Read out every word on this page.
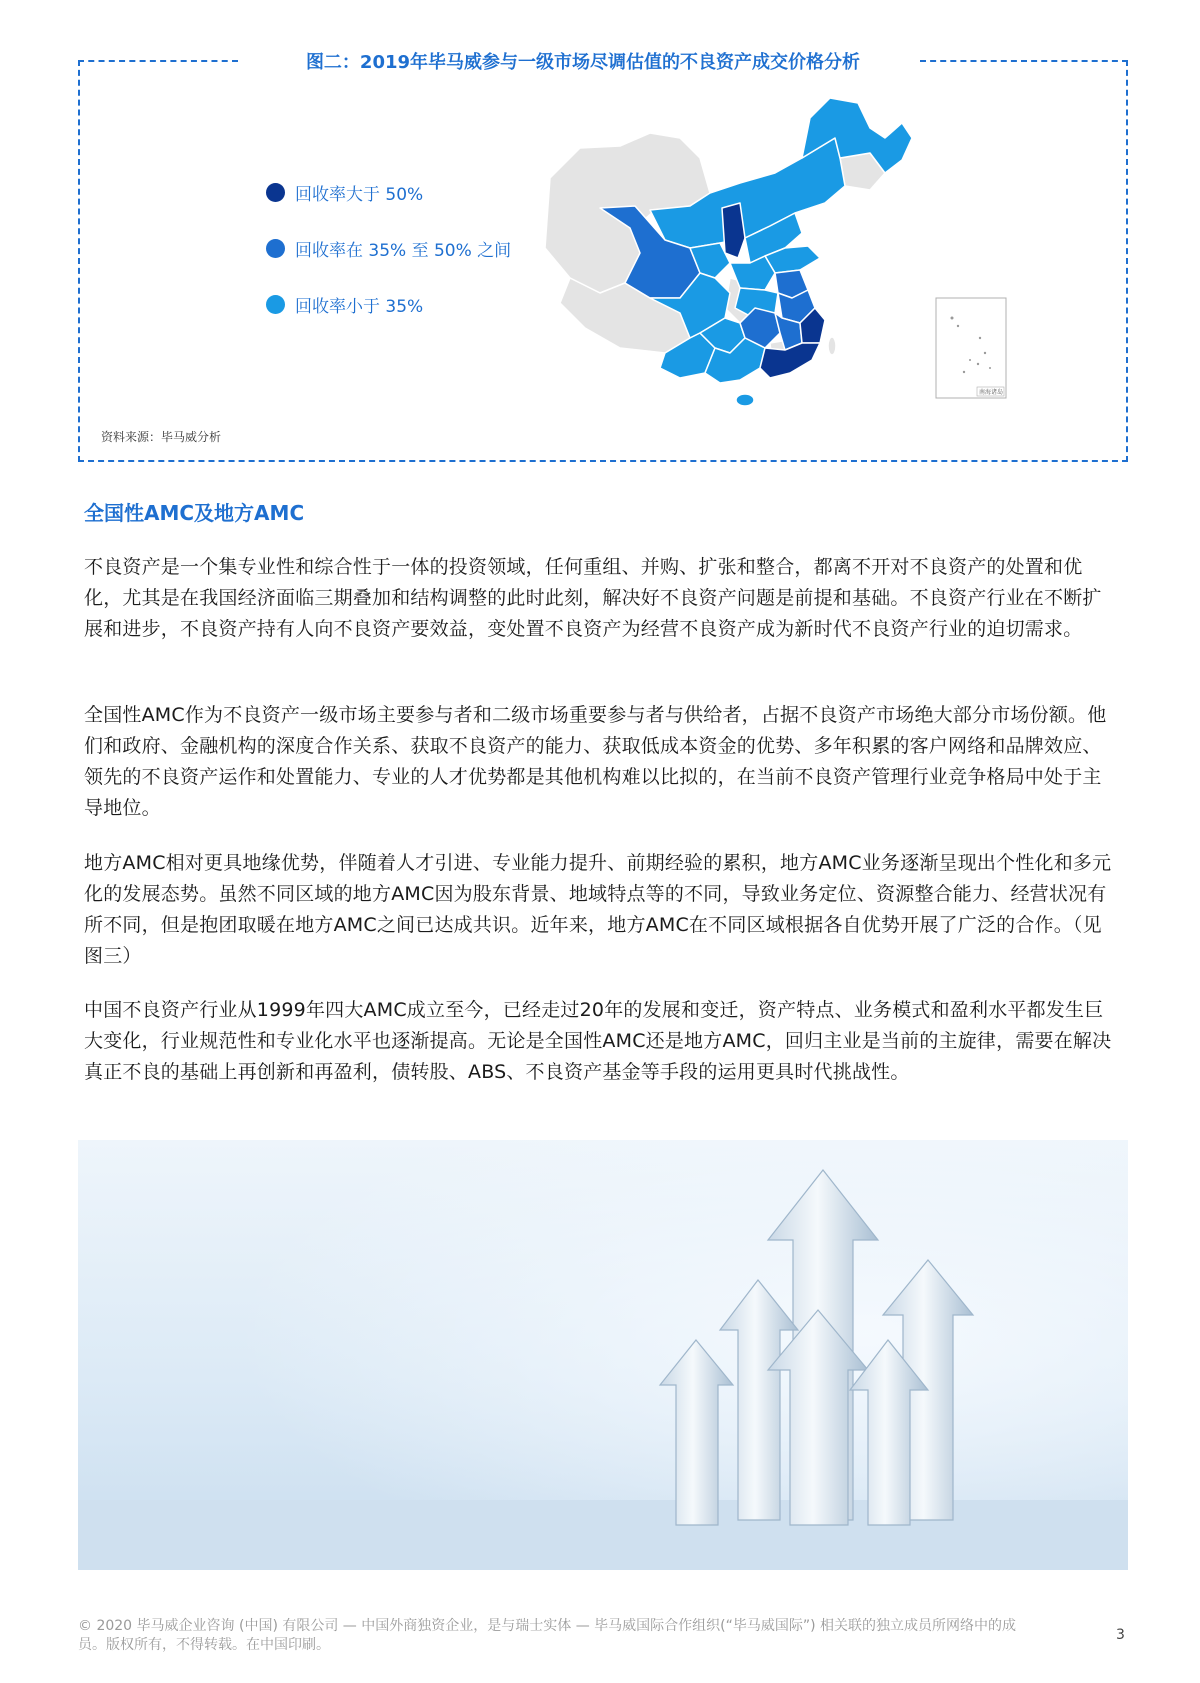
图二：2019年毕马威参与一级市场尽调估值的不良资产成交价格分析
回收率大于 50%
回收率在 35% 至 50% 之间
回收率小于 35%
南海诸岛
资料来源：毕马威分析
全国性AMC及地方AMC

不良资产是一个集专业性和综合性于一体的投资领域，任何重组、并购、扩张和整合，都离不开对不良资产的处置和优化，尤其是在我国经济面临三期叠加和结构调整的此时此刻，解决好不良资产问题是前提和基础。不良资产行业在不断扩展和进步，不良资产持有人向不良资产要效益，变处置不良资产为经营不良资产成为新时代不良资产行业的迫切需求。

全国性AMC作为不良资产一级市场主要参与者和二级市场重要参与者与供给者，占据不良资产市场绝大部分市场份额。他们和政府、金融机构的深度合作关系、获取不良资产的能力、获取低成本资金的优势、多年积累的客户网络和品牌效应、领先的不良资产运作和处置能力、专业的人才优势都是其他机构难以比拟的，在当前不良资产管理行业竞争格局中处于主导地位。

地方AMC相对更具地缘优势，伴随着人才引进、专业能力提升、前期经验的累积，地方AMC业务逐渐呈现出个性化和多元化的发展态势。虽然不同区域的地方AMC因为股东背景、地域特点等的不同，导致业务定位、资源整合能力、经营状况有所不同，但是抱团取暖在地方AMC之间已达成共识。近年来，地方AMC在不同区域根据各自优势开展了广泛的合作。（见图三）

中国不良资产行业从1999年四大AMC成立至今，已经走过20年的发展和变迁，资产特点、业务模式和盈利水平都发生巨大变化，行业规范性和专业化水平也逐渐提高。无论是全国性AMC还是地方AMC，回归主业是当前的主旋律，需要在解决真正不良的基础上再创新和再盈利，债转股、ABS、不良资产基金等手段的运用更具时代挑战性。

© 2020 毕马威企业咨询 (中国) 有限公司 — 中国外商独资企业，是与瑞士实体 — 毕马威国际合作组织(“毕马威国际”) 相关联的独立成员所网络中的成员。版权所有，不得转载。在中国印刷。
3
